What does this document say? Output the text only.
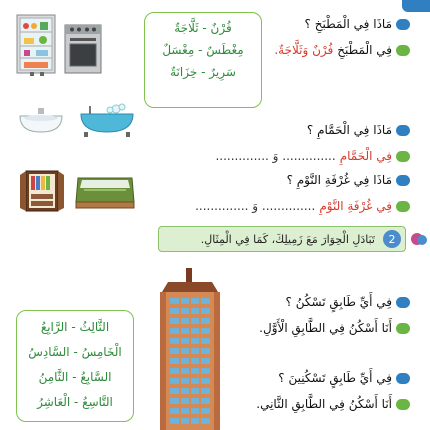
فُرْنٌ - ثَلَّاجَةٌ
مِغْطَسٌ - مِغْسَلٌ
سَرِيرٌ - خِزَانَةٌ
مَاذَا فِي الْمَطْبَخِ ؟
فِي الْمَطْبَخِ
فُرْنٌ وَثَلَّاجَةٌ.
مَاذَا فِي الْحَمَّامِ ؟
فِي الْحَمَّامِ
.............. وَ ..............
مَاذَا فِي غُرْفَةِ النَّوْمِ ؟
فِي غُرْفَةِ النَّوْمِ
.............. وَ ..............
2
تَبَادَلِ الْحِوَارَ مَعَ زَمِيلِكَ، كَمَا فِي الْمِثَالِ.
الثَّالِثُ - الرَّابِعُ
الْخَامِسُ - السَّادِسُ
السَّابِعُ - الثَّامِنُ
التَّاسِعُ - الْعَاشِرُ
فِي أَيِّ طَابِقٍ تَسْكُنُ ؟
أَنَا أَسْكُنُ فِي الطَّابِقِ الْأَوَّلِ.
فِي أَيِّ طَابِقٍ تَسْكُنِينَ ؟
أَنَا أَسْكُنُ فِي الطَّابِقِ الثَّانِي.
